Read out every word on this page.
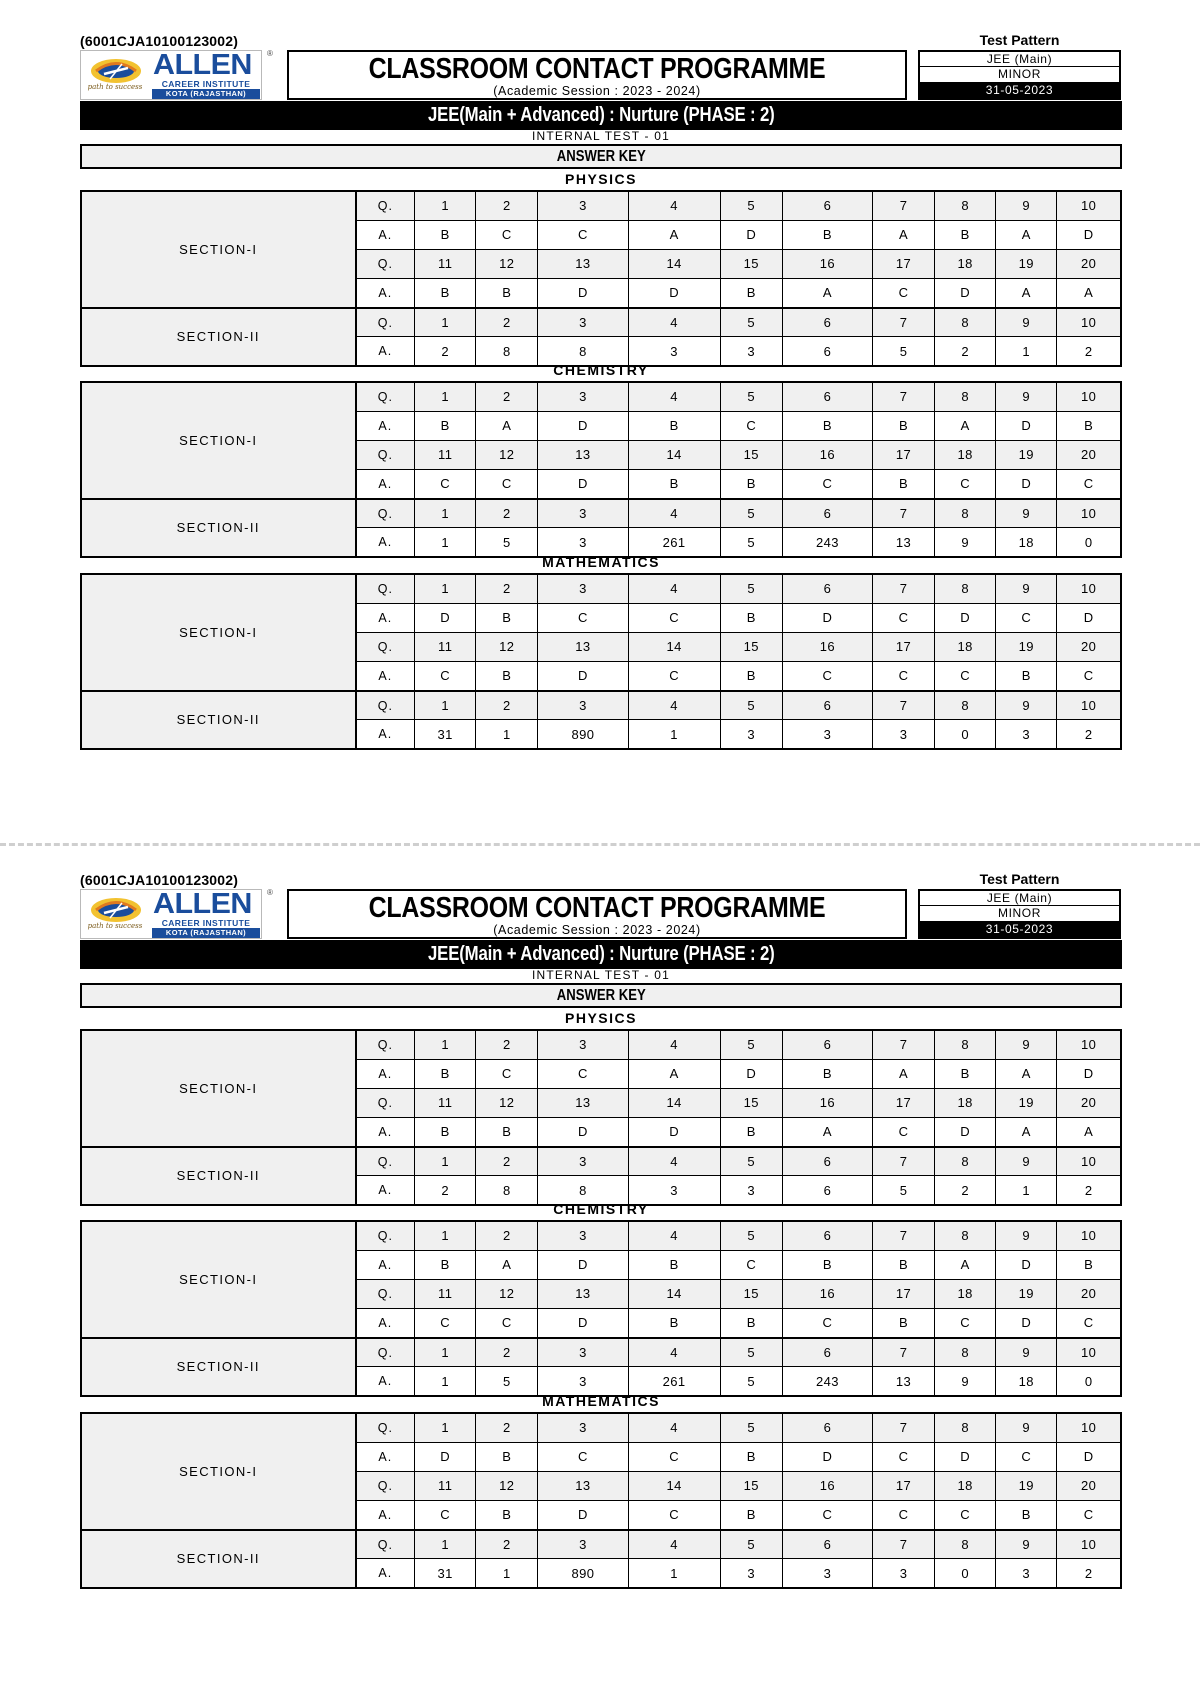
(6001CJA10100123002)
path to success
ALLEN
CAREER INSTITUTE
KOTA (RAJASTHAN)
®	CLASSROOM CONTACT PROGRAMME
(Academic Session : 2023 - 2024)
Test Pattern
JEE (Main)
MINOR
31-05-2023
JEE(Main + Advanced) : Nurture (PHASE : 2)
INTERNAL TEST - 01
ANSWER KEY
PHYSICS
SECTION-I	Q.	1	2	3	4	5	6	7	8	9	10
	A.	B	C	C	A	D	B	A	B	A	D
	Q.	11	12	13	14	15	16	17	18	19	20
	A.	B	B	D	D	B	A	C	D	A	A
SECTION-II	Q.	1	2	3	4	5	6	7	8	9	10
	A.	2	8	8	3	3	6	5	2	1	2
CHEMISTRY
SECTION-I	Q.	1	2	3	4	5	6	7	8	9	10
	A.	B	A	D	B	C	B	B	A	D	B
	Q.	11	12	13	14	15	16	17	18	19	20
	A.	C	C	D	B	B	C	B	C	D	C
SECTION-II	Q.	1	2	3	4	5	6	7	8	9	10
	A.	1	5	3	261	5	243	13	9	18	0
MATHEMATICS
SECTION-I	Q.	1	2	3	4	5	6	7	8	9	10
	A.	D	B	C	C	B	D	C	D	C	D
	Q.	11	12	13	14	15	16	17	18	19	20
	A.	C	B	D	C	B	C	C	C	B	C
SECTION-II	Q.	1	2	3	4	5	6	7	8	9	10
	A.	31	1	890	1	3	3	3	0	3	2
(6001CJA10100123002)
path to success
ALLEN
CAREER INSTITUTE
KOTA (RAJASTHAN)
®	CLASSROOM CONTACT PROGRAMME
(Academic Session : 2023 - 2024)
Test Pattern
JEE (Main)
MINOR
31-05-2023
JEE(Main + Advanced) : Nurture (PHASE : 2)
INTERNAL TEST - 01
ANSWER KEY
PHYSICS
SECTION-I	Q.	1	2	3	4	5	6	7	8	9	10
	A.	B	C	C	A	D	B	A	B	A	D
	Q.	11	12	13	14	15	16	17	18	19	20
	A.	B	B	D	D	B	A	C	D	A	A
SECTION-II	Q.	1	2	3	4	5	6	7	8	9	10
	A.	2	8	8	3	3	6	5	2	1	2
CHEMISTRY
SECTION-I	Q.	1	2	3	4	5	6	7	8	9	10
	A.	B	A	D	B	C	B	B	A	D	B
	Q.	11	12	13	14	15	16	17	18	19	20
	A.	C	C	D	B	B	C	B	C	D	C
SECTION-II	Q.	1	2	3	4	5	6	7	8	9	10
	A.	1	5	3	261	5	243	13	9	18	0
MATHEMATICS
SECTION-I	Q.	1	2	3	4	5	6	7	8	9	10
	A.	D	B	C	C	B	D	C	D	C	D
	Q.	11	12	13	14	15	16	17	18	19	20
	A.	C	B	D	C	B	C	C	C	B	C
SECTION-II	Q.	1	2	3	4	5	6	7	8	9	10
	A.	31	1	890	1	3	3	3	0	3	2
